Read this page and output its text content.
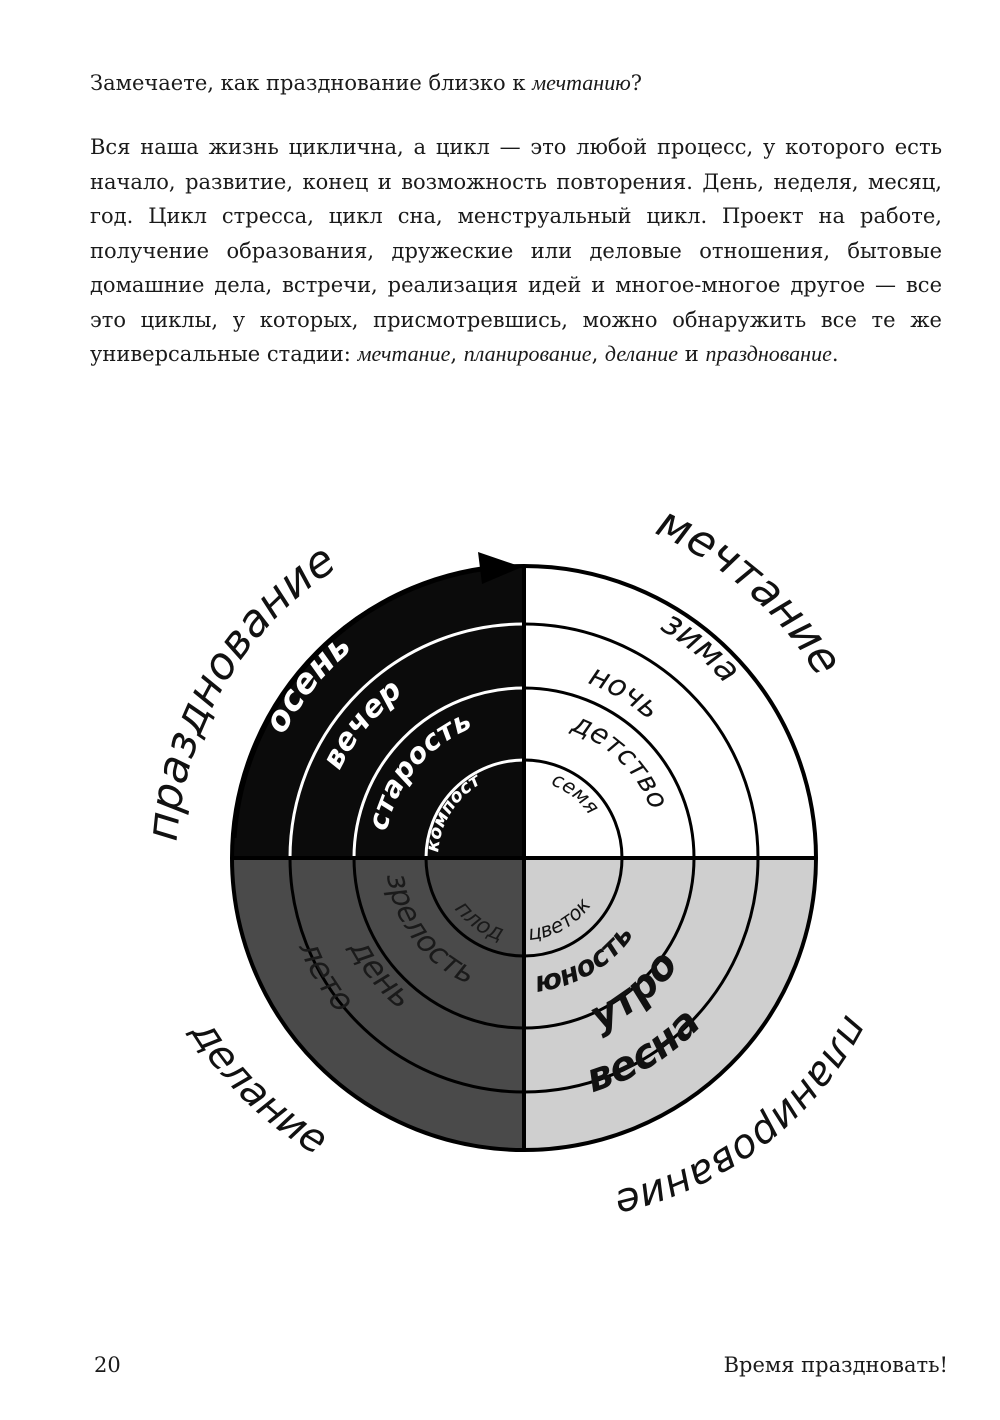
Замечаете, как празднование близко к мечтанию?

Вся наша жизнь циклична, а цикл — это любой процесс, у которого есть начало, развитие, конец и возможность повторения. День, неделя, месяц, год. Цикл стресса, цикл сна, менструальный цикл. Проект на работе, получение образования, дружеские или деловые отношения, бытовые домашние дела, встречи, реализация идей и многое-многое другое — все это циклы, у которых, присмотревшись, можно обнаружить все те же универсальные стадии: мечтание, планирование, делание и празднование.

празднование
мечтание
планирование
делание
осень
вечер
старость
компост
зима
ночь
детство
семя
весна
утро
юность
цветок
лето
день
зрелость
плод

20	Время праздновать!
